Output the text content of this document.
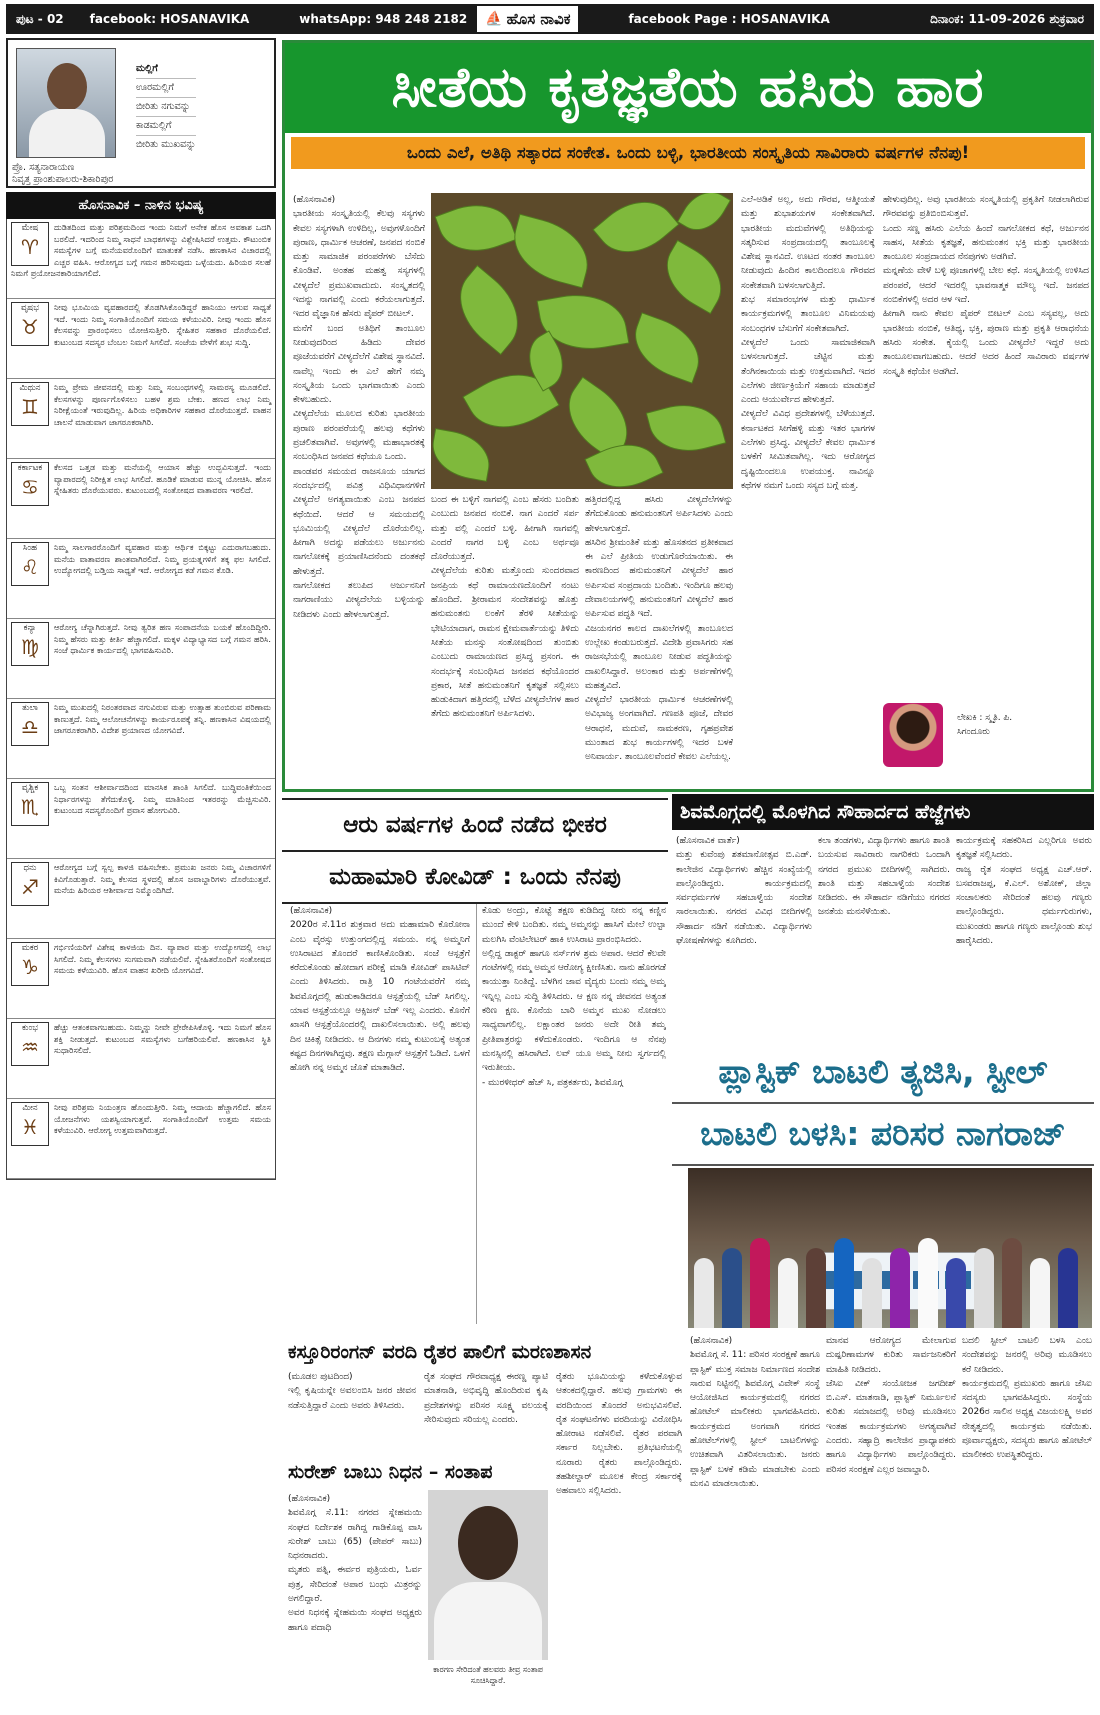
ಪುಟ - 02	facebook: HOSANAVIKA	whatsApp: 948 248 2182	⛵ ಹೊಸ ನಾವಿಕ	facebook Page : HOSANAVIKA	ದಿನಾಂಕ: 11-09-2026 ಶುಕ್ರವಾರ
ಪ್ರೊ. ಸತ್ಯನಾರಾಯಣ
ನಿವೃತ್ತ ಪ್ರಾಂಶುಪಾಲರು-ಶಿಕಾರಿಪುರ
ಮಲ್ಲಿಗೆ
ಊರಮಲ್ಲಿಗೆ
ಬೀರಿತು ನಗುವನ್ನು
ಕಾಡಮಲ್ಲಿಗೆ
ಬೀರಿತು ಮುಖವನ್ನು
ಹೊಸನಾವಿಕ – ನಾಳಿನ ಭವಿಷ್ಯ
ಮೇಷ
♈

ದುಡಿತದಿಂದ ಮತ್ತು ಪರಿಶ್ರಮದಿಂದ ಇಂದು ನಿಮಗೆ ಅನೇಕ ಹೊಸ ಅವಕಾಶ ಒದಗಿ ಬರಲಿದೆ. ಇದರಿಂದ ನಿಮ್ಮ ಸಾಧನೆ ಬಾಧಕಗಳನ್ನು ವಿಶ್ಲೇಷಿಸಿದರೆ ಉತ್ತಮ. ಕೌಟುಂಬಿಕ ಸಮಸ್ಯೆಗಳ ಬಗ್ಗೆ ಮನೆಯವರೊಂದಿಗೆ ಮಾತುಕತೆ ನಡೆಸಿ. ಹಣಕಾಸಿನ ವಿಚಾರದಲ್ಲಿ ಎಚ್ಚರ ವಹಿಸಿ. ಆರೋಗ್ಯದ ಬಗ್ಗೆ ಗಮನ ಹರಿಸುವುದು ಒಳ್ಳೆಯದು. ಹಿರಿಯರ ಸಲಹೆ ನಿಮಗೆ ಪ್ರಯೋಜನಕಾರಿಯಾಗಲಿದೆ.

ವೃಷಭ
♉

ನೀವು ಭೂಮಿಯ ವ್ಯವಹಾರದಲ್ಲಿ ತೊಡಗಿಸಿಕೊಂಡಿದ್ದರೆ ಹಾನಿಯು ಆಗುವ ಸಾಧ್ಯತೆ ಇದೆ. ಇಂದು ನಿಮ್ಮ ಸಂಗಾತಿಯೊಂದಿಗೆ ಸಮಯ ಕಳೆಯುವಿರಿ. ನೀವು ಇಂದು ಹೊಸ ಕೆಲಸವನ್ನು ಪ್ರಾರಂಭಿಸಲು ಯೋಜಿಸುತ್ತೀರಿ. ಸ್ನೇಹಿತರ ಸಹಕಾರ ದೊರೆಯಲಿದೆ. ಕುಟುಂಬದ ಸದಸ್ಯರ ಬೆಂಬಲ ನಿಮಗೆ ಸಿಗಲಿದೆ. ಸಂಜೆಯ ವೇಳೆಗೆ ಶುಭ ಸುದ್ದಿ.

ಮಿಥುನ
♊

ನಿಮ್ಮ ಪ್ರೇಮ ಜೀವನದಲ್ಲಿ ಮತ್ತು ನಿಮ್ಮ ಸಂಬಂಧಗಳಲ್ಲಿ ಸಾಮರಸ್ಯ ಮೂಡಲಿದೆ. ಕೆಲಸಗಳನ್ನು ಪೂರ್ಣಗೊಳಿಸಲು ಬಹಳ ಶ್ರಮ ಬೇಕು. ಹಣದ ಲಾಭ ನಿಮ್ಮ ನಿರೀಕ್ಷೆಯಂತೆ ಇರುವುದಿಲ್ಲ. ಹಿರಿಯ ಅಧಿಕಾರಿಗಳ ಸಹಕಾರ ದೊರೆಯುತ್ತದೆ. ವಾಹನ ಚಾಲನೆ ಮಾಡುವಾಗ ಜಾಗರೂಕರಾಗಿರಿ.

ಕರ್ಕಾಟಕ
♋

ಕೆಲಸದ ಒತ್ತಡ ಮತ್ತು ಮನೆಯಲ್ಲಿ ಆಯಾಸ ಹೆಚ್ಚು ಉದ್ಭವಿಸುತ್ತದೆ. ಇಂದು ವ್ಯಾಪಾರದಲ್ಲಿ ನಿರೀಕ್ಷಿತ ಲಾಭ ಸಿಗಲಿದೆ. ಹೂಡಿಕೆ ಮಾಡುವ ಮುನ್ನ ಯೋಚಿಸಿ. ಹೊಸ ಸ್ನೇಹಿತರು ದೊರೆಯುವರು. ಕುಟುಂಬದಲ್ಲಿ ಸಂತೋಷದ ವಾತಾವರಣ ಇರಲಿದೆ.

ಸಿಂಹ
♌

ನಿಮ್ಮ ಸಾಲಗಾರರೊಂದಿಗೆ ವ್ಯವಹಾರ ಮತ್ತು ಆರ್ಥಿಕ ಬಿಕ್ಕಟ್ಟು ಎದುರಾಗಬಹುದು. ಮನೆಯ ವಾತಾವರಣ ಶಾಂತವಾಗಿರಲಿದೆ. ನಿಮ್ಮ ಪ್ರಯತ್ನಗಳಿಗೆ ತಕ್ಕ ಫಲ ಸಿಗಲಿದೆ. ಉದ್ಯೋಗದಲ್ಲಿ ಬಡ್ತಿಯ ಸಾಧ್ಯತೆ ಇದೆ. ಆರೋಗ್ಯದ ಕಡೆ ಗಮನ ಕೊಡಿ.

ಕನ್ಯಾ
♍

ಆರೋಗ್ಯ ಚೆನ್ನಾಗಿರುತ್ತದೆ. ನೀವು ತ್ವರಿತ ಹಣ ಸಂಪಾದನೆಯ ಬಯಕೆ ಹೊಂದಿದ್ದೀರಿ. ನಿಮ್ಮ ಹೆಸರು ಮತ್ತು ಕೀರ್ತಿ ಹೆಚ್ಚಾಗಲಿದೆ. ಮಕ್ಕಳ ವಿದ್ಯಾಭ್ಯಾಸದ ಬಗ್ಗೆ ಗಮನ ಹರಿಸಿ. ಸಂಜೆ ಧಾರ್ಮಿಕ ಕಾರ್ಯದಲ್ಲಿ ಭಾಗವಹಿಸುವಿರಿ.

ತುಲಾ
♎

ನಿಮ್ಮ ಮುಖದಲ್ಲಿ ನಿರಂತರವಾದ ನಗುವಿರುವ ಮತ್ತು ಉತ್ಸಾಹ ತುಂಬಿರುವ ಪರಿಣಾಮ ಕಾಣುತ್ತದೆ. ನಿಮ್ಮ ಆಲೋಚನೆಗಳನ್ನು ಕಾರ್ಯರೂಪಕ್ಕೆ ತನ್ನಿ. ಹಣಕಾಸಿನ ವಿಷಯದಲ್ಲಿ ಜಾಗರೂಕರಾಗಿರಿ. ವಿದೇಶ ಪ್ರಯಾಣದ ಯೋಗವಿದೆ.

ವೃಶ್ಚಿಕ
♏

ಒಬ್ಬ ಸಂತನ ಆಶೀರ್ವಾದದಿಂದ ಮಾನಸಿಕ ಶಾಂತಿ ಸಿಗಲಿದೆ. ಬುದ್ಧಿವಂತಿಕೆಯಿಂದ ನಿರ್ಧಾರಗಳನ್ನು ತೆಗೆದುಕೊಳ್ಳಿ. ನಿಮ್ಮ ಮಾತಿನಿಂದ ಇತರರನ್ನು ಮೆಚ್ಚಿಸುವಿರಿ. ಕುಟುಂಬದ ಸದಸ್ಯರೊಂದಿಗೆ ಪ್ರವಾಸ ಹೋಗುವಿರಿ.

ಧನು
♐

ಆರೋಗ್ಯದ ಬಗ್ಗೆ ಸ್ವಲ್ಪ ಕಾಳಜಿ ವಹಿಸಬೇಕು. ಪ್ರಮುಖ ಜನರು ನಿಮ್ಮ ವಿಚಾರಗಳಿಗೆ ಕಿವಿಗೊಡುತ್ತಾರೆ. ನಿಮ್ಮ ಕೆಲಸದ ಸ್ಥಳದಲ್ಲಿ ಹೊಸ ಜವಾಬ್ದಾರಿಗಳು ದೊರೆಯುತ್ತವೆ. ಮನೆಯ ಹಿರಿಯರ ಆಶೀರ್ವಾದ ನಿಮ್ಮೊಂದಿಗಿದೆ.

ಮಕರ
♑

ಗರ್ಭಿಣಿಯರಿಗೆ ವಿಶೇಷ ಕಾಳಜಿಯ ದಿನ. ವ್ಯಾಪಾರ ಮತ್ತು ಉದ್ಯೋಗದಲ್ಲಿ ಲಾಭ ಸಿಗಲಿದೆ. ನಿಮ್ಮ ಕೆಲಸಗಳು ಸುಗಮವಾಗಿ ನಡೆಯಲಿವೆ. ಸ್ನೇಹಿತರೊಂದಿಗೆ ಸಂತೋಷದ ಸಮಯ ಕಳೆಯುವಿರಿ. ಹೊಸ ವಾಹನ ಖರೀದಿ ಯೋಗವಿದೆ.

ಕುಂಭ
♒

ಹೆಚ್ಚು ಆತಂಕವಾಗಬಹುದು. ನಿಮ್ಮನ್ನು ನೀವೇ ಪ್ರೇರೇಪಿಸಿಕೊಳ್ಳಿ. ಇದು ನಿಮಗೆ ಹೊಸ ಶಕ್ತಿ ನೀಡುತ್ತದೆ. ಕುಟುಂಬದ ಸಮಸ್ಯೆಗಳು ಬಗೆಹರಿಯಲಿವೆ. ಹಣಕಾಸಿನ ಸ್ಥಿತಿ ಸುಧಾರಿಸಲಿದೆ.

ಮೀನ
♓

ನೀವು ಪರಿಶ್ರಮ ನಿಯಂತ್ರಣ ಹೊಂದುತ್ತೀರಿ. ನಿಮ್ಮ ಆದಾಯ ಹೆಚ್ಚಾಗಲಿದೆ. ಹೊಸ ಯೋಜನೆಗಳು ಯಶಸ್ವಿಯಾಗುತ್ತವೆ. ಸಂಗಾತಿಯೊಂದಿಗೆ ಉತ್ತಮ ಸಮಯ ಕಳೆಯುವಿರಿ. ಆರೋಗ್ಯ ಉತ್ತಮವಾಗಿರುತ್ತದೆ.

ಸೀತೆಯ ಕೃತಜ್ಞತೆಯ ಹಸಿರು ಹಾರ
ಒಂದು ಎಲೆ, ಅತಿಥಿ ಸತ್ಕಾರದ ಸಂಕೇತ. ಒಂದು ಬಳ್ಳಿ, ಭಾರತೀಯ ಸಂಸ್ಕೃತಿಯ ಸಾವಿರಾರು ವರ್ಷಗಳ ನೆನಪು!
(ಹೊಸನಾವಿಕ)
ಭಾರತೀಯ ಸಂಸ್ಕೃತಿಯಲ್ಲಿ ಕೆಲವು ಸಸ್ಯಗಳು ಕೇವಲ ಸಸ್ಯಗಳಾಗಿ ಉಳಿದಿಲ್ಲ, ಅವುಗಳೊಂದಿಗೆ ಪುರಾಣ, ಧಾರ್ಮಿಕ ಆಚರಣೆ, ಜನಪದ ನಂಬಿಕೆ ಮತ್ತು ಸಾಮಾಜಿಕ ಪರಂಪರೆಗಳು ಬೆಸೆದು ಕೊಂಡಿವೆ. ಅಂತಹ ಮಹತ್ವ ಸಸ್ಯಗಳಲ್ಲಿ ವೀಳ್ಯದೆಲೆ ಪ್ರಮುಖವಾದುದು. ಸಂಸ್ಕೃತದಲ್ಲಿ ಇದನ್ನು ನಾಗವಲ್ಲಿ ಎಂದು ಕರೆಯಲಾಗುತ್ತದೆ. ಇದರ ವೈಜ್ಞಾನಿಕ ಹೆಸರು ಪೈಪರ್ ಬೀಟಲ್.
ಮನೆಗೆ ಬಂದ ಅತಿಥಿಗೆ ತಾಂಬೂಲ ನೀಡುವುದರಿಂದ ಹಿಡಿದು ದೇವರ ಪೂಜೆಯವರೆಗೆ ವೀಳ್ಯದೆಲೆಗೆ ವಿಶೇಷ ಸ್ಥಾನವಿದೆ. ನಾವೆಲ್ಲ ಇಂದು ಈ ಎಲೆ ಹೇಗೆ ನಮ್ಮ ಸಂಸ್ಕೃತಿಯ ಒಂದು ಭಾಗವಾಯಿತು ಎಂದು ಕೇಳಬಹುದು.
ವೀಳ್ಯದೆಲೆಯ ಮೂಲದ ಕುರಿತು ಭಾರತೀಯ ಪುರಾಣ ಪರಂಪರೆಯಲ್ಲಿ ಹಲವು ಕಥೆಗಳು ಪ್ರಚಲಿತವಾಗಿವೆ. ಅವುಗಳಲ್ಲಿ ಮಹಾಭಾರತಕ್ಕೆ ಸಂಬಂಧಿಸಿದ ಜನಪದ ಕಥೆಯೂ ಒಂದು.
ಪಾಂಡವರ ಸಮಯದ ರಾಜಸೂಯ ಯಾಗದ ಸಂದರ್ಭದಲ್ಲಿ ಪವಿತ್ರ ವಿಧಿವಿಧಾನಗಳಿಗೆ ವೀಳ್ಯದೆಲೆ ಅಗತ್ಯವಾಯಿತು ಎಂಬ ಜನಪದ ಕಥೆಯಿದೆ. ಆದರೆ ಆ ಸಮಯದಲ್ಲಿ ಭೂಮಿಯಲ್ಲಿ ವೀಳ್ಯದೆಲೆ ದೊರೆಯಲಿಲ್ಲ. ಹೀಗಾಗಿ ಅದನ್ನು ಪಡೆಯಲು ಅರ್ಜುನನು ನಾಗಲೋಕಕ್ಕೆ ಪ್ರಯಾಣಿಸಿದನೆಂದು ದಂತಕಥೆ ಹೇಳುತ್ತದೆ.
ನಾಗಲೋಕದ ತಲುಪಿದ ಅರ್ಜುನನಿಗೆ ನಾಗರಾಣಿಯು ವೀಳ್ಯದೆಲೆಯ ಬಳ್ಳಿಯನ್ನು ನೀಡಿದಳು ಎಂದು ಹೇಳಲಾಗುತ್ತದೆ.
ಬಂದ ಈ ಬಳ್ಳಿಗೆ ನಾಗವಲ್ಲಿ ಎಂಬ ಹೆಸರು ಬಂದಿತು ಎಂಬುದು ಜನಪದ ನಂಬಿಕೆ. ನಾಗ ಎಂದರೆ ಸರ್ಪ ಮತ್ತು ವಲ್ಲಿ ಎಂದರೆ ಬಳ್ಳಿ. ಹೀಗಾಗಿ ನಾಗವಲ್ಲಿ ಎಂದರೆ ನಾಗರ ಬಳ್ಳಿ ಎಂಬ ಅರ್ಥವೂ ದೊರೆಯುತ್ತದೆ.
ವೀಳ್ಯದೆಲೆಯ ಕುರಿತು ಮತ್ತೊಂದು ಸುಂದರವಾದ ಜನಪ್ರಿಯ ಕಥೆ ರಾಮಾಯಣದೊಂದಿಗೆ ನಂಟು ಹೊಂದಿದೆ. ಶ್ರೀರಾಮನ ಸಂದೇಶವನ್ನು ಹೊತ್ತು ಹನುಮಂತನು ಲಂಕೆಗೆ ತೆರಳಿ ಸೀತೆಯನ್ನು ಭೇಟಿಯಾದಾಗ, ರಾಮನ ಕ್ಷೇಮವಾರ್ತೆಯನ್ನು ತಿಳಿದು ಸೀತೆಯ ಮನಸ್ಸು ಸಂತೋಷದಿಂದ ತುಂಬಿತು ಎಂಬುದು ರಾಮಾಯಣದ ಪ್ರಸಿದ್ಧ ಪ್ರಸಂಗ. ಈ ಸಂದರ್ಭಕ್ಕೆ ಸಂಬಂಧಿಸಿದ ಜನಪದ ಕಥೆಯೊಂದರ ಪ್ರಕಾರ, ಸೀತೆ ಹನುಮಂತನಿಗೆ ಕೃತಜ್ಞತೆ ಸಲ್ಲಿಸಲು ಹುಡುಕಿದಾಗ ಹತ್ತಿರದಲ್ಲಿ ಬೆಳೆದ ವೀಳ್ಯದೆಲೆಗಳ ಹಾರ ತೆಗೆದು ಹನುಮಂತನಿಗೆ ಅರ್ಪಿಸಿದಳು.
ಹತ್ತಿರದಲ್ಲಿದ್ದ ಹಸಿರು ವೀಳ್ಯದೆಲೆಗಳನ್ನು ತೆಗೆದುಕೊಂಡು ಹನುಮಂತನಿಗೆ ಅರ್ಪಿಸಿದಳು ಎಂದು ಹೇಳಲಾಗುತ್ತದೆ.
ಹಸಿರಿನ ಶ್ರೀಮಂತಿಕೆ ಮತ್ತು ಹೊಸತನದ ಪ್ರತೀಕವಾದ ಈ ಎಲೆ ಪ್ರೀತಿಯ ಉಡುಗೊರೆಯಾಯಿತು. ಈ ಕಾರಣದಿಂದ ಹನುಮಂತನಿಗೆ ವೀಳ್ಯದೆಲೆ ಹಾರ ಅರ್ಪಿಸುವ ಸಂಪ್ರದಾಯ ಬಂದಿತು. ಇಂದಿಗೂ ಹಲವು ದೇವಾಲಯಗಳಲ್ಲಿ ಹನುಮಂತನಿಗೆ ವೀಳ್ಯದೆಲೆ ಹಾರ ಅರ್ಪಿಸುವ ಪದ್ಧತಿ ಇದೆ.
ವಿಜಯನಗರ ಕಾಲದ ದಾಖಲೆಗಳಲ್ಲಿ ತಾಂಬೂಲದ ಉಲ್ಲೇಖ ಕಂಡುಬರುತ್ತದೆ. ವಿದೇಶಿ ಪ್ರವಾಸಿಗರು ಸಹ ರಾಜಸಭೆಯಲ್ಲಿ ತಾಂಬೂಲ ನೀಡುವ ಪದ್ಧತಿಯನ್ನು ದಾಖಲಿಸಿದ್ದಾರೆ. ಅಲಂಕಾರ ಮತ್ತು ಅರ್ಪಣೆಗಳಲ್ಲಿ ಮಹತ್ವವಿದೆ.
ವೀಳ್ಯದೆಲೆ ಭಾರತೀಯ ಧಾರ್ಮಿಕ ಆಚರಣೆಗಳಲ್ಲಿ ಅವಿಭಾಜ್ಯ ಅಂಗವಾಗಿದೆ. ಗಣಪತಿ ಪೂಜೆ, ದೇವರ ಆರಾಧನೆ, ಮದುವೆ, ನಾಮಕರಣ, ಗೃಹಪ್ರವೇಶ ಮುಂತಾದ ಶುಭ ಕಾರ್ಯಗಳಲ್ಲಿ ಇದರ ಬಳಕೆ ಅನಿವಾರ್ಯ. ತಾಂಬೂಲವೆಂದರೆ ಕೇವಲ ಎಲೆಯಲ್ಲ.
ಎಲೆ-ಅಡಿಕೆ ಅಲ್ಲ, ಅದು ಗೌರವ, ಆತ್ಮೀಯತೆ ಮತ್ತು ಶುಭಾಶಯಗಳ ಸಂಕೇತವಾಗಿದೆ. ಭಾರತೀಯ ಮದುವೆಗಳಲ್ಲಿ ಅತಿಥಿಯನ್ನು ಸತ್ಕರಿಸುವ ಸಂಪ್ರದಾಯದಲ್ಲಿ ತಾಂಬೂಲಕ್ಕೆ ವಿಶೇಷ ಸ್ಥಾನವಿದೆ. ಊಟದ ನಂತರ ತಾಂಬೂಲ ನೀಡುವುದು ಹಿಂದಿನ ಕಾಲದಿಂದಲೂ ಗೌರವದ ಸಂಕೇತವಾಗಿ ಬಳಸಲಾಗುತ್ತಿದೆ.
ಶುಭ ಸಮಾರಂಭಗಳ ಮತ್ತು ಧಾರ್ಮಿಕ ಕಾರ್ಯಕ್ರಮಗಳಲ್ಲಿ ತಾಂಬೂಲ ವಿನಿಮಯವು ಸಂಬಂಧಗಳ ಬೆಸುಗೆಗೆ ಸಂಕೇತವಾಗಿದೆ.
ವೀಳ್ಯದೆಲೆ ಒಂದು ಸಾಮಾಜಿಕವಾಗಿ ಬಳಸಲಾಗುತ್ತದೆ. ಚೆಟ್ಟಿನ ಮತ್ತು ತೆಂಗಿನಕಾಯಿಯ ಮತ್ತು ಉತ್ತಮವಾಗಿದೆ. ಇದರ ಎಲೆಗಳು ಜೀರ್ಣಕ್ರಿಯೆಗೆ ಸಹಾಯ ಮಾಡುತ್ತವೆ ಎಂದು ಆಯುರ್ವೇದ ಹೇಳುತ್ತದೆ.
ವೀಳ್ಯದೆಲೆ ವಿವಿಧ ಪ್ರದೇಶಗಳಲ್ಲಿ ಬೆಳೆಯುತ್ತದೆ. ಕರ್ನಾಟಕದ ಸೀಗೆಹಳ್ಳಿ ಮತ್ತು ಇತರ ಭಾಗಗಳ ಎಲೆಗಳು ಪ್ರಸಿದ್ಧ. ವೀಳ್ಯದೆಲೆ ಕೇವಲ ಧಾರ್ಮಿಕ ಬಳಕೆಗೆ ಸೀಮಿತವಾಗಿಲ್ಲ. ಇದು ಆರೋಗ್ಯದ ದೃಷ್ಟಿಯಿಂದಲೂ ಉಪಯುಕ್ತ. ನಾವಿನ್ನೂ ಕಥೆಗಳ ನಮಗೆ ಒಂದು ಸಸ್ಯದ ಬಗ್ಗೆ ಮತ್ತ.
ಹೇಳುವುದಿಲ್ಲ. ಅವು ಭಾರತೀಯ ಸಂಸ್ಕೃತಿಯಲ್ಲಿ ಪ್ರಕೃತಿಗೆ ನೀಡಲಾಗಿರುವ ಗೌರವವನ್ನು ಪ್ರತಿಬಿಂಬಿಸುತ್ತವೆ.
ಒಂದು ಸಣ್ಣ ಹಸಿರು ಎಲೆಯ ಹಿಂದೆ ನಾಗಲೋಕದ ಕಥೆ, ಅರ್ಜುನನ ಸಾಹಸ, ಸೀತೆಯ ಕೃತಜ್ಞತೆ, ಹನುಮಂತನ ಭಕ್ತಿ ಮತ್ತು ಭಾರತೀಯ ತಾಂಬೂಲ ಸಂಪ್ರದಾಯದ ನೆನಪುಗಳು ಅಡಗಿವೆ.
ಮನ್ನಣೆಯ ವೇಳೆ ಬಳ್ಳಿ ಪೂಜಾಗಳಲ್ಲಿ ಬೇಲ ಕಥೆ. ಸಂಸ್ಕೃತಿಯಲ್ಲಿ ಉಳಿಸಿದ ಪರಂಪರೆ, ಆದರೆ ಇದರಲ್ಲಿ ಭಾವನಾತ್ಮಕ ಮೌಲ್ಯ ಇದೆ. ಜನಪದ ನಂಬಿಕೆಗಳಲ್ಲಿ ಅದರ ಆಳ ಇದೆ.
ಹೀಗಾಗಿ ನಾನು ಕೇವಲ ಪೈಪರ್ ಬೀಟಲ್ ಎಂಬ ಸಸ್ಯವಲ್ಲ, ಅದು ಭಾರತೀಯ ನಂಬಿಕೆ, ಆತಿಥ್ಯ, ಭಕ್ತಿ, ಪುರಾಣ ಮತ್ತು ಪ್ರಕೃತಿ ಆರಾಧನೆಯ ಹಸಿರು ಸಂಕೇತ. ಕೈಯಲ್ಲಿ ಒಂದು ವೀಳ್ಯದೆಲೆ ಇದ್ದರೆ ಅದು ತಾಂಬೂಲವಾಗಬಹುದು. ಆದರೆ ಅದರ ಹಿಂದೆ ಸಾವಿರಾರು ವರ್ಷಗಳ ಸಂಸ್ಕೃತಿ ಕಥೆಯೇ ಅಡಗಿದೆ.
ಲೇಖಕಿ : ಸ್ಮೃತಿ. ಪಿ.
ಸಿಗಂದೂರು
ಆರು ವರ್ಷಗಳ ಹಿಂದೆ ನಡೆದ ಭೀಕರ
ಮಹಾಮಾರಿ ಕೋವಿಡ್ : ಒಂದು ನೆನಪು
(ಹೊಸನಾವಿಕ)
2020ರ ಸೆ.11ರ ಶುಕ್ರವಾರ ಅದು ಮಹಾಮಾರಿ ಕೊರೋನಾ ಎಂಬ ವೈರಸ್ಸು ಉತ್ತುಂಗದಲ್ಲಿದ್ದ ಸಮಯ. ನನ್ನ ಅಮ್ಮನಿಗೆ ಉಸಿರಾಟದ ತೊಂದರೆ ಕಾಣಿಸಿಕೊಂಡಿತು. ಸಂಜೆ ಆಸ್ಪತ್ರೆಗೆ ಕರೆದುಕೊಂಡು ಹೋದಾಗ ಪರೀಕ್ಷೆ ಮಾಡಿ ಕೋವಿಡ್ ಪಾಸಿಟಿವ್ ಎಂದು ತಿಳಿಸಿದರು. ರಾತ್ರಿ 10 ಗಂಟೆಯವರೆಗೆ ನಮ್ಮ ಶಿವಮೊಗ್ಗದಲ್ಲಿ ಹುಡುಕಾಡಿದರೂ ಆಸ್ಪತ್ರೆಯಲ್ಲಿ ಬೆಡ್ ಸಿಗಲಿಲ್ಲ. ಯಾವ ಆಸ್ಪತ್ರೆಯಲ್ಲೂ ಆಕ್ಸಿಜನ್ ಬೆಡ್ ಇಲ್ಲ ಎಂದರು. ಕೊನೆಗೆ ಖಾಸಗಿ ಆಸ್ಪತ್ರೆಯೊಂದರಲ್ಲಿ ದಾಖಲಿಸಲಾಯಿತು. ಅಲ್ಲಿ ಹಲವು ದಿನ ಚಿಕಿತ್ಸೆ ನೀಡಿದರು. ಆ ದಿನಗಳು ನಮ್ಮ ಕುಟುಂಬಕ್ಕೆ ಅತ್ಯಂತ ಕಷ್ಟದ ದಿನಗಳಾಗಿದ್ದವು. ತಕ್ಷಣ ಮೆಗ್ಗಾನ್ ಆಸ್ಪತ್ರೆಗೆ ಓಡಿದೆ. ಒಳಗೆ ಹೋಗಿ ನನ್ನ ಅಮ್ಮನ ಜೊತೆ ಮಾತಾಡಿದೆ.
ಕೊಡು ಅಂದ್ರು, ಕೊಟ್ಟೆ ತಕ್ಷಣ ಕುಡಿದಿದ್ದ ನೀರು ನನ್ನ ಕಣ್ಣಿನ ಮುಂದೆ ಕೇಳಿ ಬಂದಿತು. ನಮ್ಮ ಅಮ್ಮನನ್ನು ಹಾಸಿಗೆ ಮೇಲೆ ಉಲ್ಟಾ ಮಲಗಿಸಿ ವೆಂಟಿಲೇಟರ್ ಹಾಕಿ ಉಸಿರಾಟ ಪ್ರಾರಂಭಿಸಿದರು.
ಅಲ್ಲಿದ್ದ ಡಾಕ್ಟರ್ ಹಾಗೂ ನರ್ಸ್‌ಗಳ ಶ್ರಮ ಅಪಾರ. ಆದರೆ ಕೆಲವೇ ಗಂಟೆಗಳಲ್ಲಿ ನಮ್ಮ ಅಮ್ಮನ ಆರೋಗ್ಯ ಕ್ಷೀಣಿಸಿತು. ನಾನು ಹೊರಗಡೆ ಕಾಯುತ್ತಾ ನಿಂತಿದ್ದೆ. ಬೆಳಗಿನ ಜಾವ ವೈದ್ಯರು ಬಂದು ನಮ್ಮ ಅಮ್ಮ ಇನ್ನಿಲ್ಲ ಎಂಬ ಸುದ್ದಿ ತಿಳಿಸಿದರು. ಆ ಕ್ಷಣ ನನ್ನ ಜೀವನದ ಅತ್ಯಂತ ಕಠಿಣ ಕ್ಷಣ. ಕೊನೆಯ ಬಾರಿ ಅಮ್ಮನ ಮುಖ ನೋಡಲು ಸಾಧ್ಯವಾಗಲಿಲ್ಲ. ಲಕ್ಷಾಂತರ ಜನರು ಅದೇ ರೀತಿ ತಮ್ಮ ಪ್ರೀತಿಪಾತ್ರರನ್ನು ಕಳೆದುಕೊಂಡರು. ಇಂದಿಗೂ ಆ ನೆನಪು ಮನಸ್ಸಿನಲ್ಲಿ ಹಸಿರಾಗಿದೆ. ಲವ್ ಯೂ ಅಮ್ಮ ನೀನು ಸ್ವರ್ಗದಲ್ಲಿ ಇರುತೀಯ.
- ಮುರಳೀಧರ್ ಹೆಚ್ ಸಿ, ಪತ್ರಕರ್ತರು, ಶಿವಮೊಗ್ಗ
ಶಿವಮೊಗ್ಗದಲ್ಲಿ ಮೊಳಗಿದ ಸೌಹಾರ್ದದ ಹೆಜ್ಜೆಗಳು
(ಹೊಸನಾವಿಕ ವಾರ್ತೆ)
ಮತ್ತು ಕುವೆಂಪು ಶತಮಾನೋತ್ಸವ ಬಿ.ಎಡ್. ಕಾಲೇಜಿನ ವಿದ್ಯಾರ್ಥಿಗಳು ಹೆಚ್ಚಿನ ಸಂಖ್ಯೆಯಲ್ಲಿ ಪಾಲ್ಗೊಂಡಿದ್ದರು. ಕಾರ್ಯಕ್ರಮದಲ್ಲಿ ಸರ್ವಧರ್ಮಗಳ ಸಹಬಾಳ್ವೆಯ ಸಂದೇಶ ಸಾರಲಾಯಿತು. ನಗರದ ವಿವಿಧ ಬೀದಿಗಳಲ್ಲಿ ಸೌಹಾರ್ದ ನಡಿಗೆ ನಡೆಯಿತು. ವಿದ್ಯಾರ್ಥಿಗಳು ಘೋಷಣೆಗಳನ್ನು ಕೂಗಿದರು.
ಕಲಾ ತಂಡಗಳು, ವಿದ್ಯಾರ್ಥಿಗಳು ಹಾಗೂ ಶಾಂತಿ ಬಯಸುವ ಸಾವಿರಾರು ನಾಗರಿಕರು ಒಂದಾಗಿ ನಗರದ ಪ್ರಮುಖ ಬೀದಿಗಳಲ್ಲಿ ಸಾಗಿದರು. ಶಾಂತಿ ಮತ್ತು ಸಹಬಾಳ್ವೆಯ ಸಂದೇಶ ನೀಡಿದರು. ಈ ಸೌಹಾರ್ದ ನಡಿಗೆಯು ನಗರದ ಜನತೆಯ ಮನಸೆಳೆಯಿತು.
ಕಾರ್ಯಕ್ರಮಕ್ಕೆ ಸಹಕರಿಸಿದ ಎಲ್ಲರಿಗೂ ಅವರು ಕೃತಜ್ಞತೆ ಸಲ್ಲಿಸಿದರು.
ರಾಜ್ಯ ರೈತ ಸಂಘದ ಅಧ್ಯಕ್ಷ ಎಚ್.ಆರ್. ಬಸವರಾಜಪ್ಪ, ಕೆ.ಎಲ್. ಅಶೋಕ್, ಜಿಲ್ಲಾ ಸಂಚಾಲಕರು ಸೇರಿದಂತೆ ಹಲವು ಗಣ್ಯರು ಪಾಲ್ಗೊಂಡಿದ್ದರು. ಧರ್ಮಗುರುಗಳು, ಮುಖಂಡರು ಹಾಗೂ ಗಣ್ಯರು ಪಾಲ್ಗೊಂಡು ಶುಭ ಹಾರೈಸಿದರು.
ಪ್ಲಾಸ್ಟಿಕ್ ಬಾಟಲಿ ತ್ಯಜಿಸಿ, ಸ್ಟೀಲ್
ಬಾಟಲಿ ಬಳಸಿ: ಪರಿಸರ ನಾಗರಾಜ್
(ಹೊಸನಾವಿಕ)
ಶಿವಮೊಗ್ಗ ಸೆ. 11: ಪರಿಸರ ಸಂರಕ್ಷಣೆ ಹಾಗೂ ಪ್ಲಾಸ್ಟಿಕ್ ಮುಕ್ತ ಸಮಾಜ ನಿರ್ಮಾಣದ ಸಂದೇಶ ಸಾರುವ ನಿಟ್ಟಿನಲ್ಲಿ ಶಿವಮೊಗ್ಗ ವಿವೇಕ್ ಸಂಸ್ಥೆ ಆಯೋಜಿಸಿದ ಕಾರ್ಯಕ್ರಮದಲ್ಲಿ ನಗರದ ಹೋಟೆಲ್ ಮಾಲೀಕರು ಭಾಗವಹಿಸಿದರು. ಕಾರ್ಯಕ್ರಮದ ಅಂಗವಾಗಿ ನಗರದ ಹೋಟೆಲ್‌ಗಳಲ್ಲಿ ಸ್ಟೀಲ್ ಬಾಟಲಿಗಳನ್ನು ಉಚಿತವಾಗಿ ವಿತರಿಸಲಾಯಿತು. ಜನರು ಪ್ಲಾಸ್ಟಿಕ್ ಬಳಕೆ ಕಡಿಮೆ ಮಾಡಬೇಕು ಎಂದು ಮನವಿ ಮಾಡಲಾಯಿತು.
ಮಾನವ ಆರೋಗ್ಯದ ಮೇಲಾಗುವ ದುಷ್ಪರಿಣಾಮಗಳ ಕುರಿತು ಸಾರ್ವಜನಿಕರಿಗೆ ಮಾಹಿತಿ ನೀಡಿದರು.
ಜೆಸಿಐ ವೀಕ್ ಸಂಯೋಜಕ ಜಗದೀಶ್ ಬಿ.ಎಸ್. ಮಾತನಾಡಿ, ಪ್ಲಾಸ್ಟಿಕ್ ನಿರ್ಮೂಲನೆ ಕುರಿತು ಸಮಾಜದಲ್ಲಿ ಅರಿವು ಮೂಡಿಸಲು ಇಂತಹ ಕಾರ್ಯಕ್ರಮಗಳು ಅಗತ್ಯವಾಗಿವೆ ಎಂದರು. ಸಹ್ಯಾದ್ರಿ ಕಾಲೇಜಿನ ಪ್ರಾಧ್ಯಾಪಕರು ಹಾಗೂ ವಿದ್ಯಾರ್ಥಿಗಳು ಪಾಲ್ಗೊಂಡಿದ್ದರು. ಪರಿಸರ ಸಂರಕ್ಷಣೆ ಎಲ್ಲರ ಜವಾಬ್ದಾರಿ.
ಬದಲಿ ಸ್ಟೀಲ್ ಬಾಟಲಿ ಬಳಸಿ ಎಂಬ ಸಂದೇಶವನ್ನು ಜನರಲ್ಲಿ ಅರಿವು ಮೂಡಿಸಲು ಕರೆ ನೀಡಿದರು.
ಕಾರ್ಯಕ್ರಮದಲ್ಲಿ ಪ್ರಮುಖರು ಹಾಗೂ ಜೆಸಿಐ ಸದಸ್ಯರು ಭಾಗವಹಿಸಿದ್ದರು. ಸಂಸ್ಥೆಯ 2026ರ ಸಾಲಿನ ಅಧ್ಯಕ್ಷ ವಿಜಯಲಕ್ಷ್ಮಿ ಅವರ ನೇತೃತ್ವದಲ್ಲಿ ಕಾರ್ಯಕ್ರಮ ನಡೆಯಿತು. ಪೂರ್ವಾಧ್ಯಕ್ಷರು, ಸದಸ್ಯರು ಹಾಗೂ ಹೋಟೆಲ್ ಮಾಲೀಕರು ಉಪಸ್ಥಿತರಿದ್ದರು.
ಕಸ್ತೂರಿರಂಗನ್ ವರದಿ ರೈತರ ಪಾಲಿಗೆ ಮರಣಶಾಸನ
(ಮೂಡಲ ಪುಟದಿಂದ)
ಇಲ್ಲಿ ಕೃಷಿಯನ್ನೇ ಅವಲಂಬಿಸಿ ಜನರ ಜೀವನ ನಡೆಸುತ್ತಿದ್ದಾರೆ ಎಂದು ಅವರು ತಿಳಿಸಿದರು.
ರೈತ ಸಂಘದ ಗೌರವಾಧ್ಯಕ್ಷ ಈರಣ್ಣ ಪ್ಯಾಟಿ ಮಾತನಾಡಿ, ಅಭಿವೃದ್ಧಿ ಹೊಂದಿರುವ ಕೃಷಿ ಪ್ರದೇಶಗಳನ್ನು ಪರಿಸರ ಸೂಕ್ಷ್ಮ ವಲಯಕ್ಕೆ ಸೇರಿಸುವುದು ಸರಿಯಲ್ಲ ಎಂದರು.
ರೈತರು ಭೂಮಿಯನ್ನು ಕಳೆದುಕೊಳ್ಳುವ ಆತಂಕದಲ್ಲಿದ್ದಾರೆ. ಹಲವು ಗ್ರಾಮಗಳು ಈ ವರದಿಯಿಂದ ತೊಂದರೆ ಅನುಭವಿಸಲಿವೆ. ರೈತ ಸಂಘಟನೆಗಳು ವರದಿಯನ್ನು ವಿರೋಧಿಸಿ ಹೋರಾಟ ನಡೆಸಲಿವೆ. ರೈತರ ಪರವಾಗಿ ಸರ್ಕಾರ ನಿಲ್ಲಬೇಕು. ಪ್ರತಿಭಟನೆಯಲ್ಲಿ ನೂರಾರು ರೈತರು ಪಾಲ್ಗೊಂಡಿದ್ದರು. ತಹಶೀಲ್ದಾರ್ ಮೂಲಕ ಕೇಂದ್ರ ಸರ್ಕಾರಕ್ಕೆ ಅಹವಾಲು ಸಲ್ಲಿಸಿದರು.
ಸುರೇಶ್ ಬಾಬು ನಿಧನ – ಸಂತಾಪ
(ಹೊಸನಾವಿಕ)
ಶಿವಮೊಗ್ಗ ಸೆ.11: ನಗರದ ಸ್ನೇಹಮಯಿ ಸಂಘದ ನಿರ್ದೇಶಕ ರಾಗಿದ್ದ ಗಾಡಿಕೊಪ್ಪ ವಾಸಿ ಸುರೇಶ್ ಬಾಬು (65) (ಪೇಪರ್ ಸಾಬು) ನಿಧನರಾದರು.
ಮೃತರು ಪತ್ನಿ, ಈರ್ವರ ಪುತ್ರಿಯರು, ಓರ್ವ ಪುತ್ರ, ಸೇರಿದಂತೆ ಅಪಾರ ಬಂಧು ಮಿತ್ರರನ್ನು ಅಗಲಿದ್ದಾರೆ.
ಅವರ ನಿಧನಕ್ಕೆ ಸ್ನೇಹಮಯಿ ಸಂಘದ ಅಧ್ಯಕ್ಷರು ಹಾಗೂ ಪದಾಧಿ
ಕಾರಗಣ ಸೇರಿದಂತೆ ಹಲವರು ತೀವ್ರ ಸಂತಾಪ ಸೂಚಿಸಿದ್ದಾರೆ.
